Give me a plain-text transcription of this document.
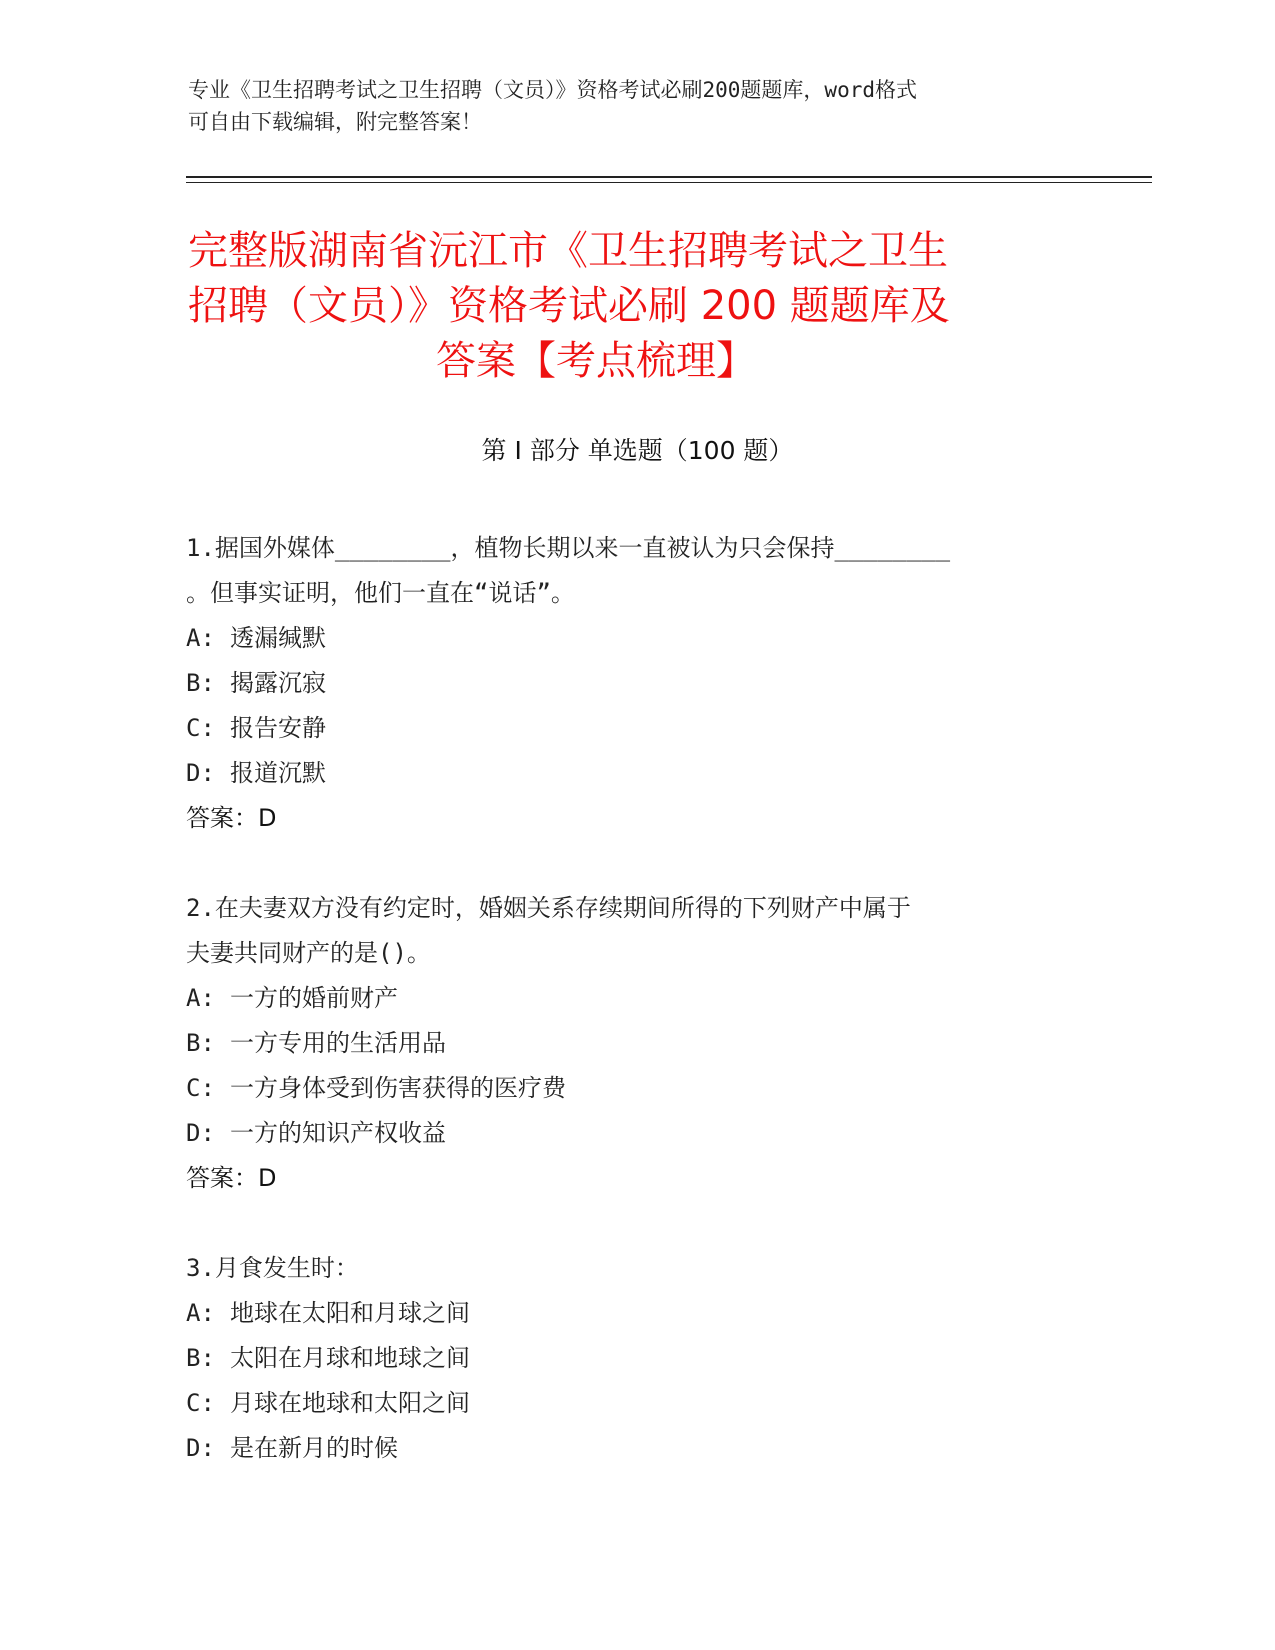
专业《卫生招聘考试之卫生招聘（文员）》资格考试必刷200题题库，word格式
可自由下载编辑，附完整答案！
完整版湖南省沅江市《卫生招聘考试之卫生
招聘（文员）》资格考试必刷 200 题题库及
答案【考点梳理】
第 I 部分 单选题（100 题）
1.据国外媒体________，植物长期以来一直被认为只会保持________
。但事实证明，他们一直在“说话”。
A: 透漏缄默
B: 揭露沉寂
C: 报告安静
D: 报道沉默
答案：D
2.在夫妻双方没有约定时，婚姻关系存续期间所得的下列财产中属于
夫妻共同财产的是()。
A: 一方的婚前财产
B: 一方专用的生活用品
C: 一方身体受到伤害获得的医疗费
D: 一方的知识产权收益
答案：D
3.月食发生时：
A: 地球在太阳和月球之间
B: 太阳在月球和地球之间
C: 月球在地球和太阳之间
D: 是在新月的时候
